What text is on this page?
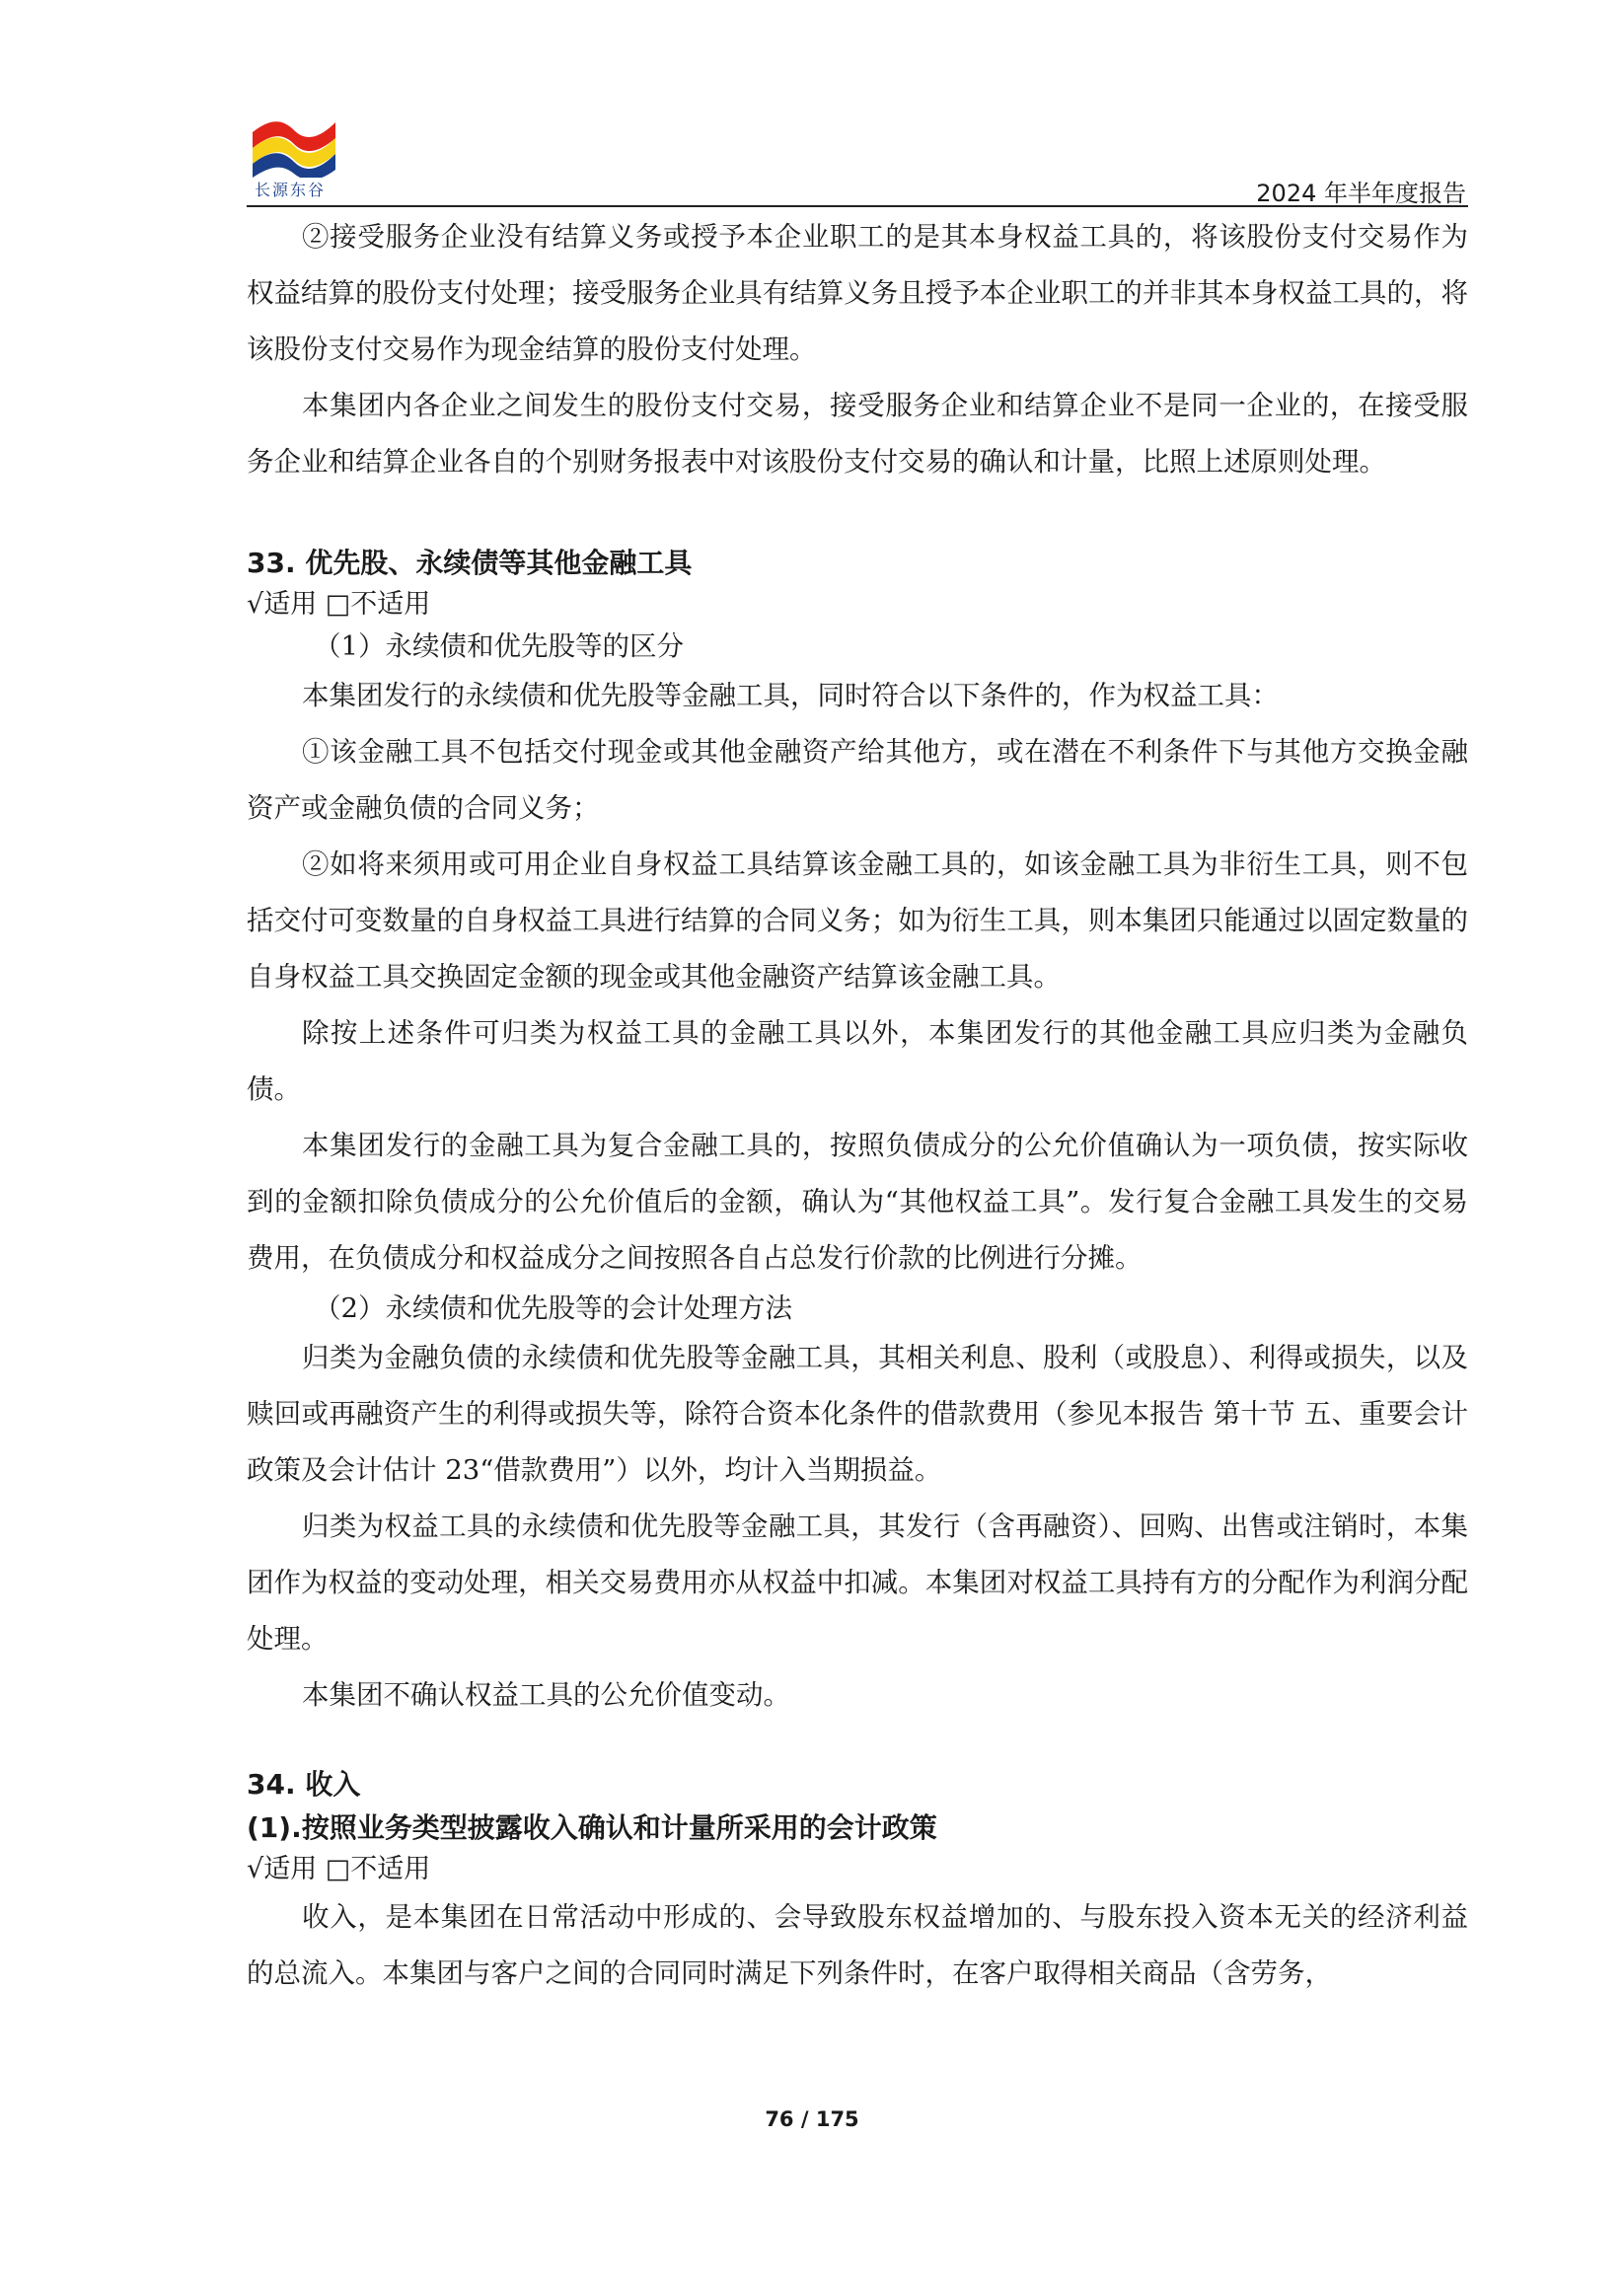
长源东谷	2024 年半年度报告

②接受服务企业没有结算义务或授予本企业职工的是其本身权益工具的，将该股份支付交易作为权益结算的股份支付处理；接受服务企业具有结算义务且授予本企业职工的并非其本身权益工具的，将该股份支付交易作为现金结算的股份支付处理。

本集团内各企业之间发生的股份支付交易，接受服务企业和结算企业不是同一企业的，在接受服务企业和结算企业各自的个别财务报表中对该股份支付交易的确认和计量，比照上述原则处理。

33. 优先股、永续债等其他金融工具
√适用 □不适用

（1）永续债和优先股等的区分

本集团发行的永续债和优先股等金融工具，同时符合以下条件的，作为权益工具：

①该金融工具不包括交付现金或其他金融资产给其他方，或在潜在不利条件下与其他方交换金融资产或金融负债的合同义务；

②如将来须用或可用企业自身权益工具结算该金融工具的，如该金融工具为非衍生工具，则不包括交付可变数量的自身权益工具进行结算的合同义务；如为衍生工具，则本集团只能通过以固定数量的自身权益工具交换固定金额的现金或其他金融资产结算该金融工具。

除按上述条件可归类为权益工具的金融工具以外，本集团发行的其他金融工具应归类为金融负债。

本集团发行的金融工具为复合金融工具的，按照负债成分的公允价值确认为一项负债，按实际收到的金额扣除负债成分的公允价值后的金额，确认为“其他权益工具”。发行复合金融工具发生的交易费用，在负债成分和权益成分之间按照各自占总发行价款的比例进行分摊。

（2）永续债和优先股等的会计处理方法

归类为金融负债的永续债和优先股等金融工具，其相关利息、股利（或股息）、利得或损失，以及赎回或再融资产生的利得或损失等，除符合资本化条件的借款费用（参见本报告 第十节 五、重要会计政策及会计估计 23“借款费用”）以外，均计入当期损益。

归类为权益工具的永续债和优先股等金融工具，其发行（含再融资）、回购、出售或注销时，本集团作为权益的变动处理，相关交易费用亦从权益中扣减。本集团对权益工具持有方的分配作为利润分配处理。

本集团不确认权益工具的公允价值变动。

34. 收入
(1).按照业务类型披露收入确认和计量所采用的会计政策
√适用 □不适用

收入，是本集团在日常活动中形成的、会导致股东权益增加的、与股东投入资本无关的经济利益的总流入。本集团与客户之间的合同同时满足下列条件时，在客户取得相关商品（含劳务，

76 / 175
